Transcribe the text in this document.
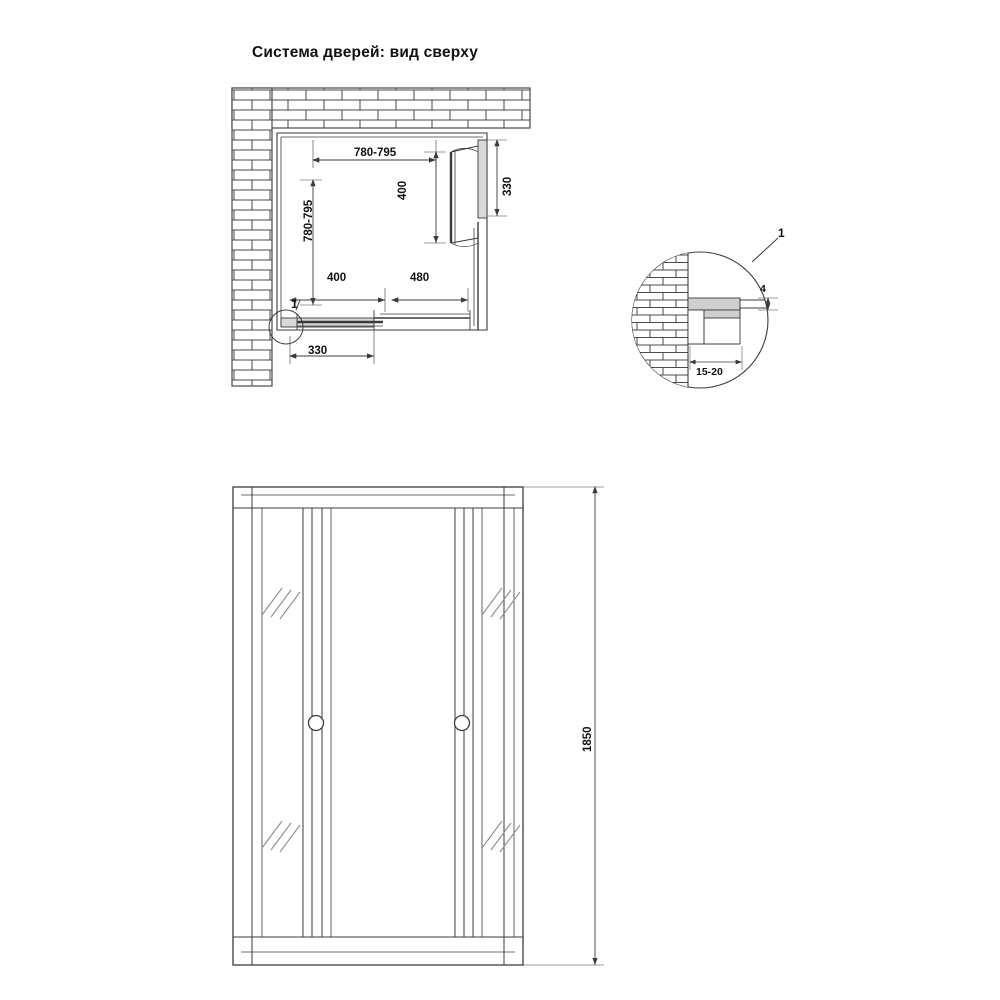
Система дверей: вид сверху
780-795
780-795
400	330
400	480
330
1
1
4
15-20
1850
